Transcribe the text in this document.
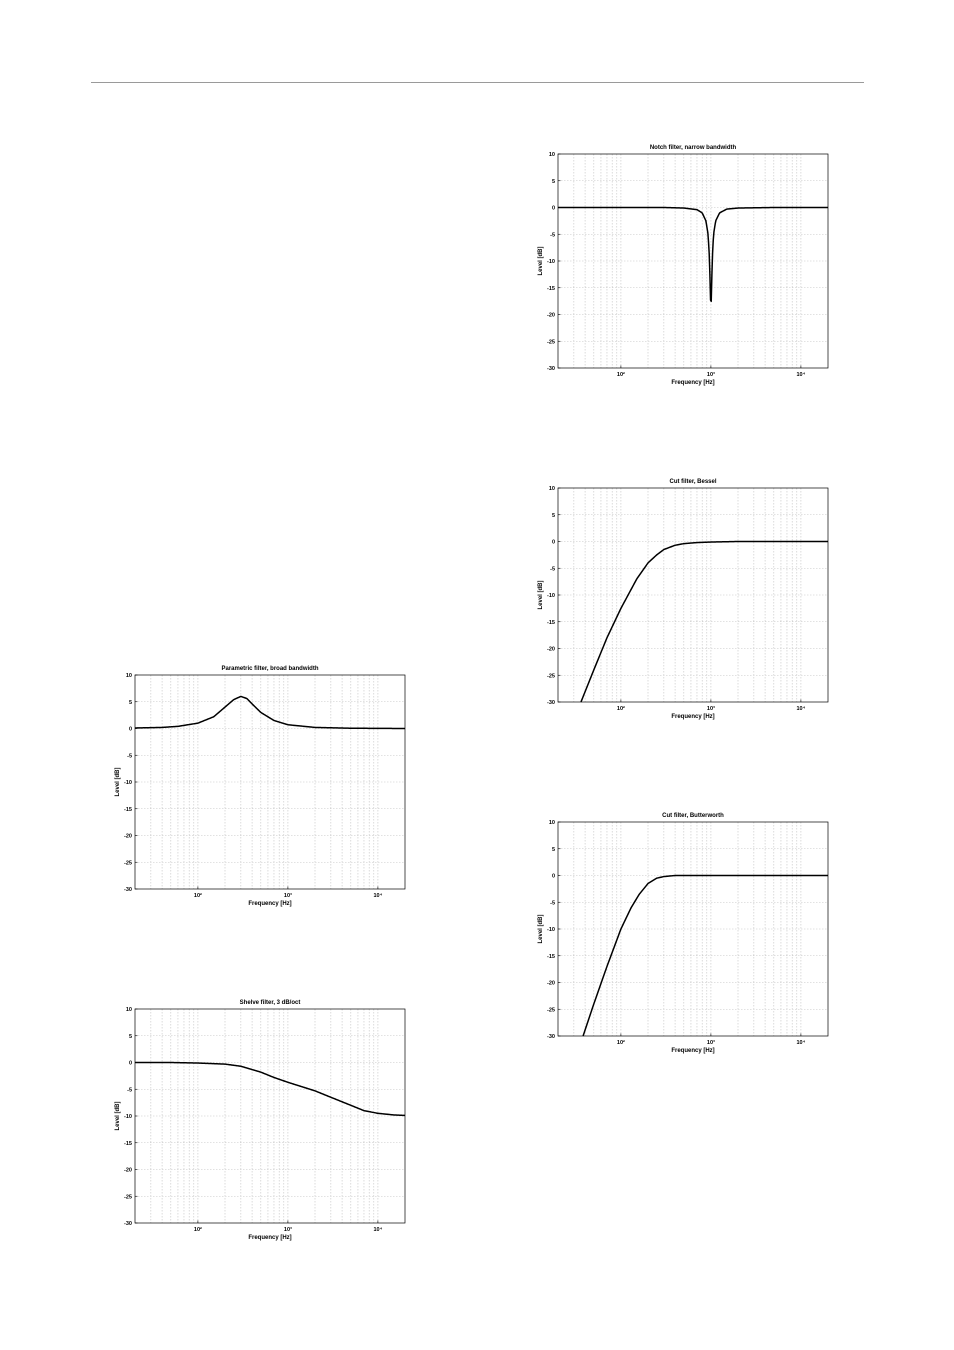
10
5
0
-5
-10
-15
-20
-25
-30
10²	10³	10⁴
Notch filter, narrow bandwidth
Frequency [Hz]
Level [dB]
10
5
0
-5
-10
-15
-20
-25
-30
10²	10³	10⁴
Cut filter, Bessel
Frequency [Hz]
Level [dB]
10
5
0
-5
-10
-15
-20
-25
-30
10²	10³	10⁴
Cut filter, Butterworth
Frequency [Hz]
Level [dB]
10
5
0
-5
-10
-15
-20
-25
-30
10²	10³	10⁴
Parametric filter, broad bandwidth
Frequency [Hz]
Level [dB]
10
5
0
-5
-10
-15
-20
-25
-30
10²	10³	10⁴
Shelve filter, 3 dB/oct
Frequency [Hz]
Level [dB]
